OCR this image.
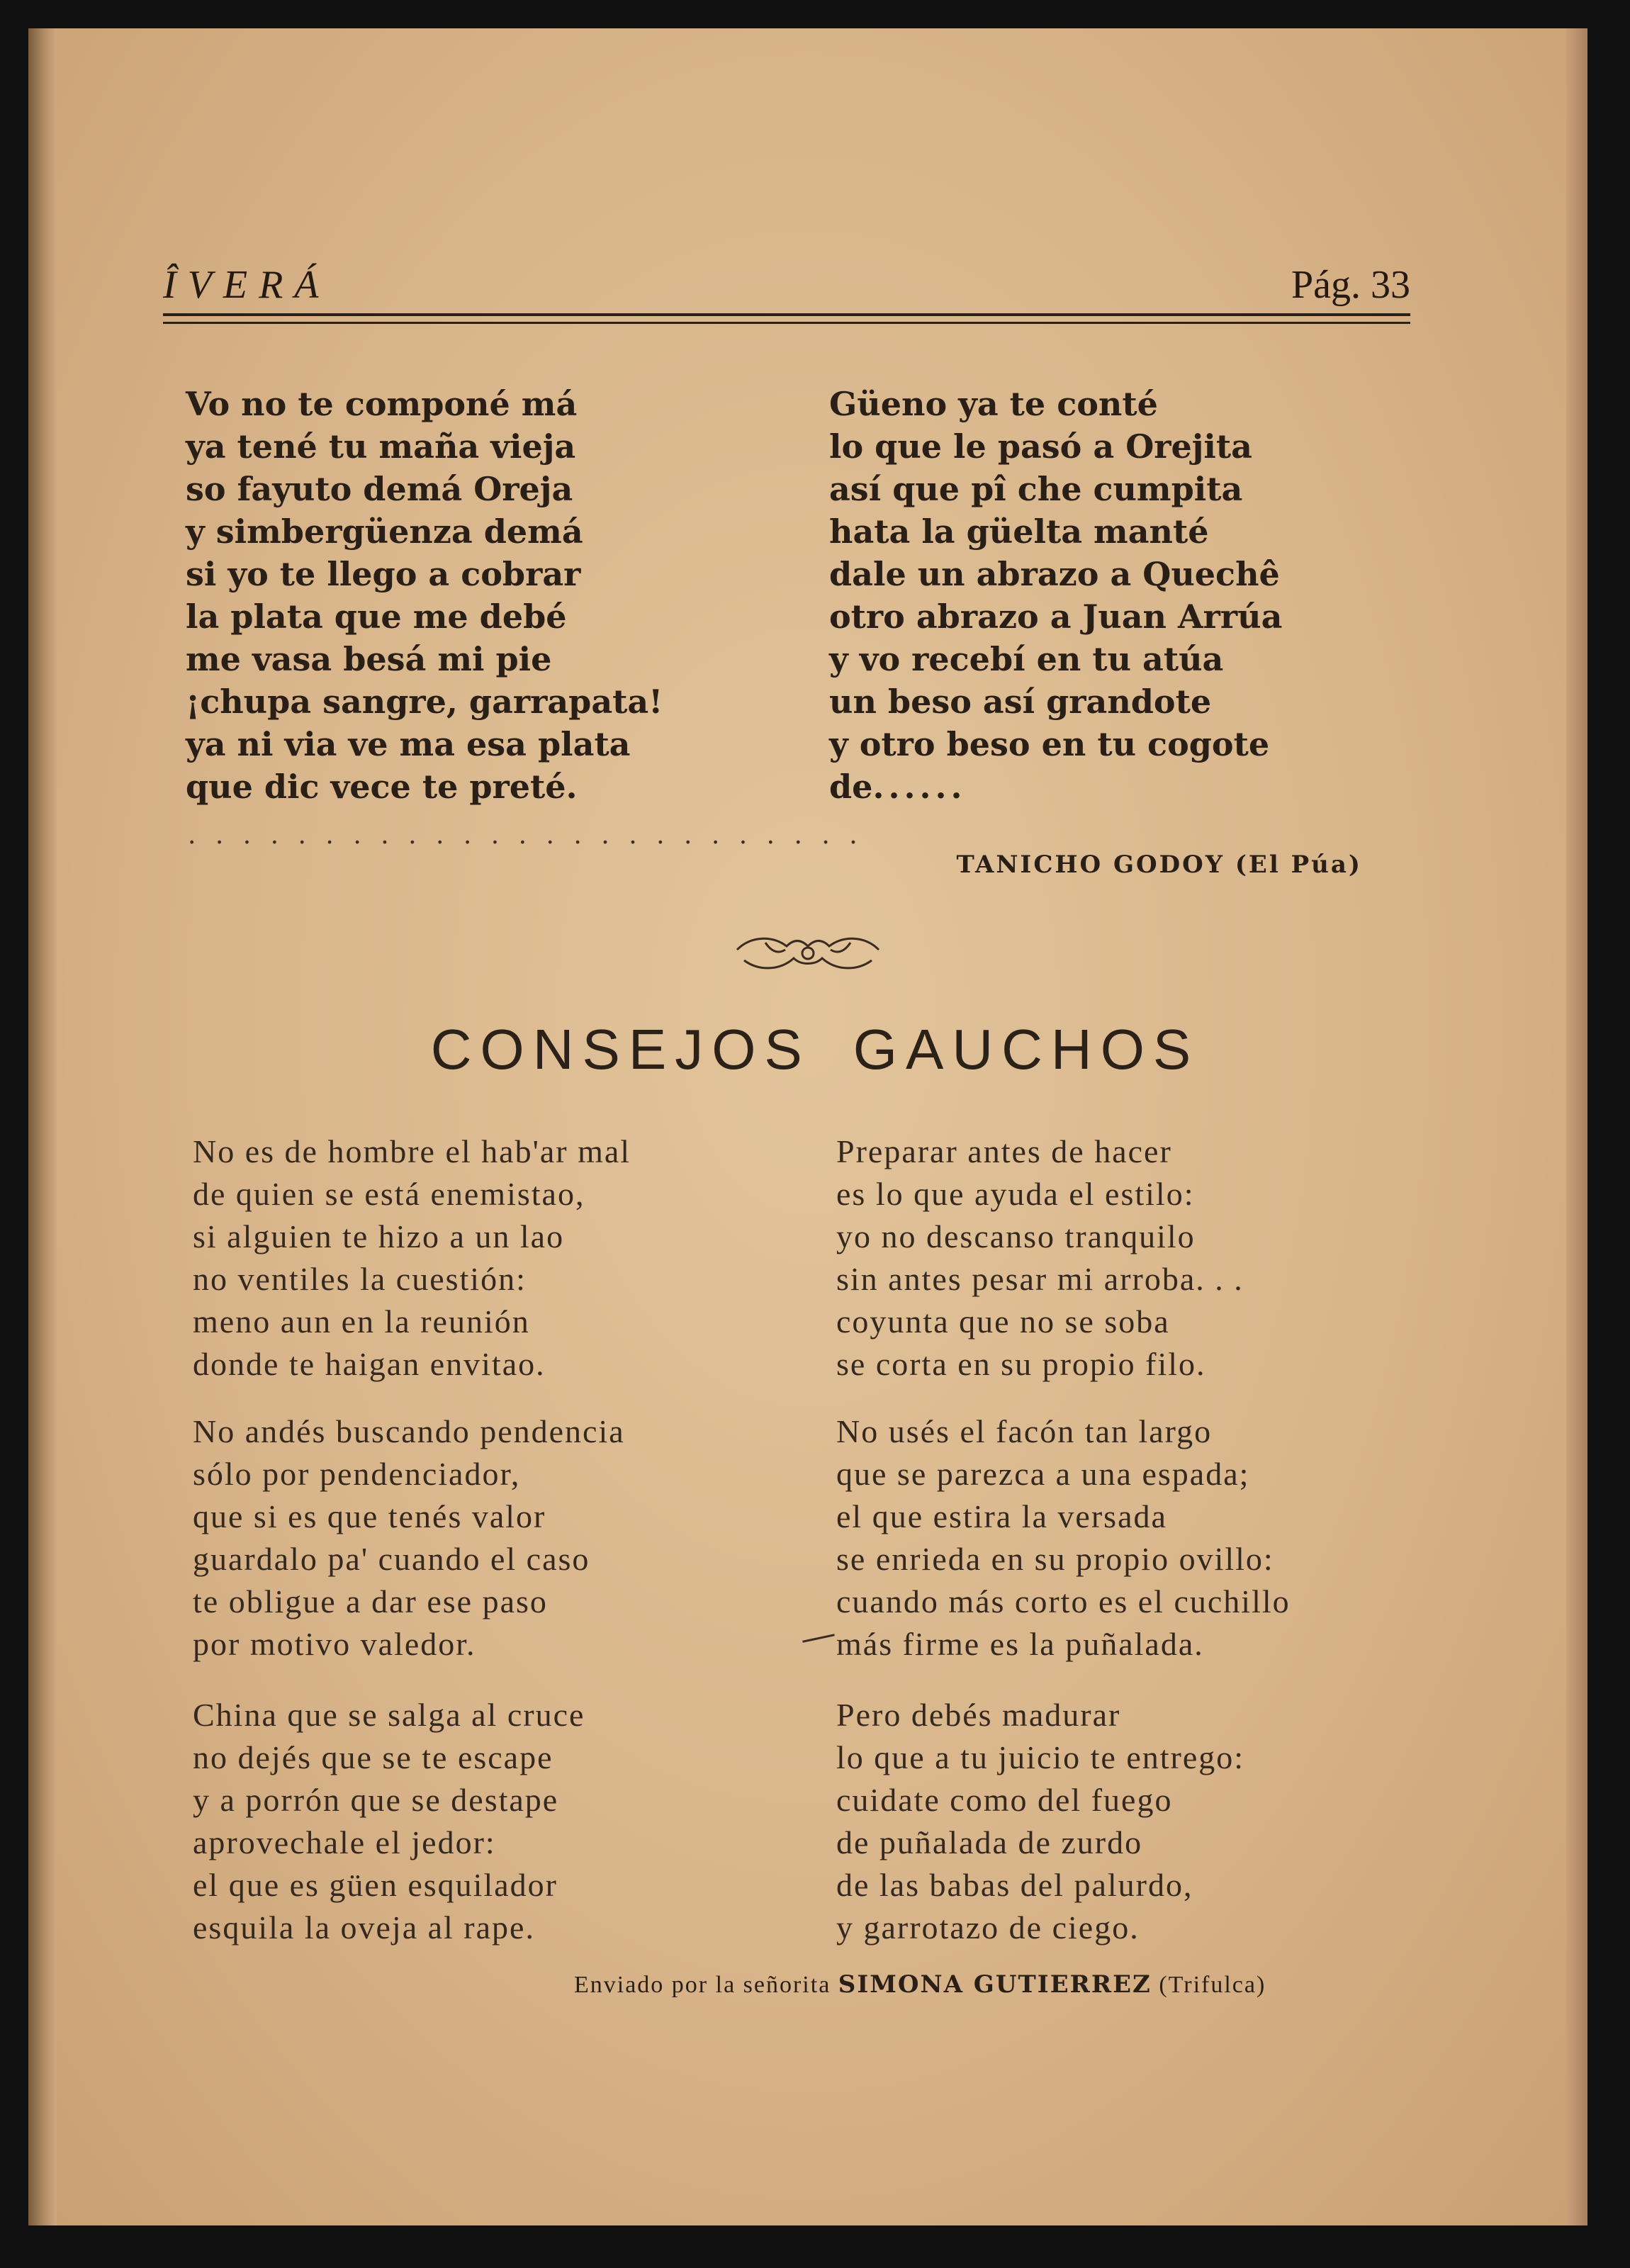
ÎVERÁ	Pág. 33
Vo no te componé má
ya tené tu maña vieja
so fayuto demá Oreja
y simbergüenza demá
si yo te llego a cobrar
la plata que me debé
me vasa besá mi pie
¡chupa sangre, garrapata!
ya ni via ve ma esa plata
que dic vece te preté.
Güeno ya te conté
lo que le pasó a Orejita
así que pî che cumpita
hata la güelta manté
dale un abrazo a Quechê
otro abrazo a Juan Arrúa
y vo recebí en tu atúa
un beso así grandote
y otro beso en tu cogote
de ......
. . . . . . . . . . . . . . . . . . . . . . . . .
TANICHO GODOY (El Púa)
CONSEJOS GAUCHOS
No es de hombre el hab'ar mal
de quien se está enemistao,
si alguien te hizo a un lao
no ventiles la cuestión:
meno aun en la reunión
donde te haigan envitao.
No andés buscando pendencia
sólo por pendenciador,
que si es que tenés valor
guardalo pa' cuando el caso
te obligue a dar ese paso
por motivo valedor.
China que se salga al cruce
no dejés que se te escape
y a porrón que se destape
aprovechale el jedor:
el que es güen esquilador
esquila la oveja al rape.
Preparar antes de hacer
es lo que ayuda el estilo:
yo no descanso tranquilo
sin antes pesar mi arroba. . .
coyunta que no se soba
se corta en su propio filo.
No usés el facón tan largo
que se parezca a una espada;
el que estira la versada
se enrieda en su propio ovillo:
cuando más corto es el cuchillo
más firme es la puñalada.
Pero debés madurar
lo que a tu juicio te entrego:
cuidate como del fuego
de puñalada de zurdo
de las babas del palurdo,
y garrotazo de ciego.
Enviado por la señorita SIMONA GUTIERREZ (Trifulca)
